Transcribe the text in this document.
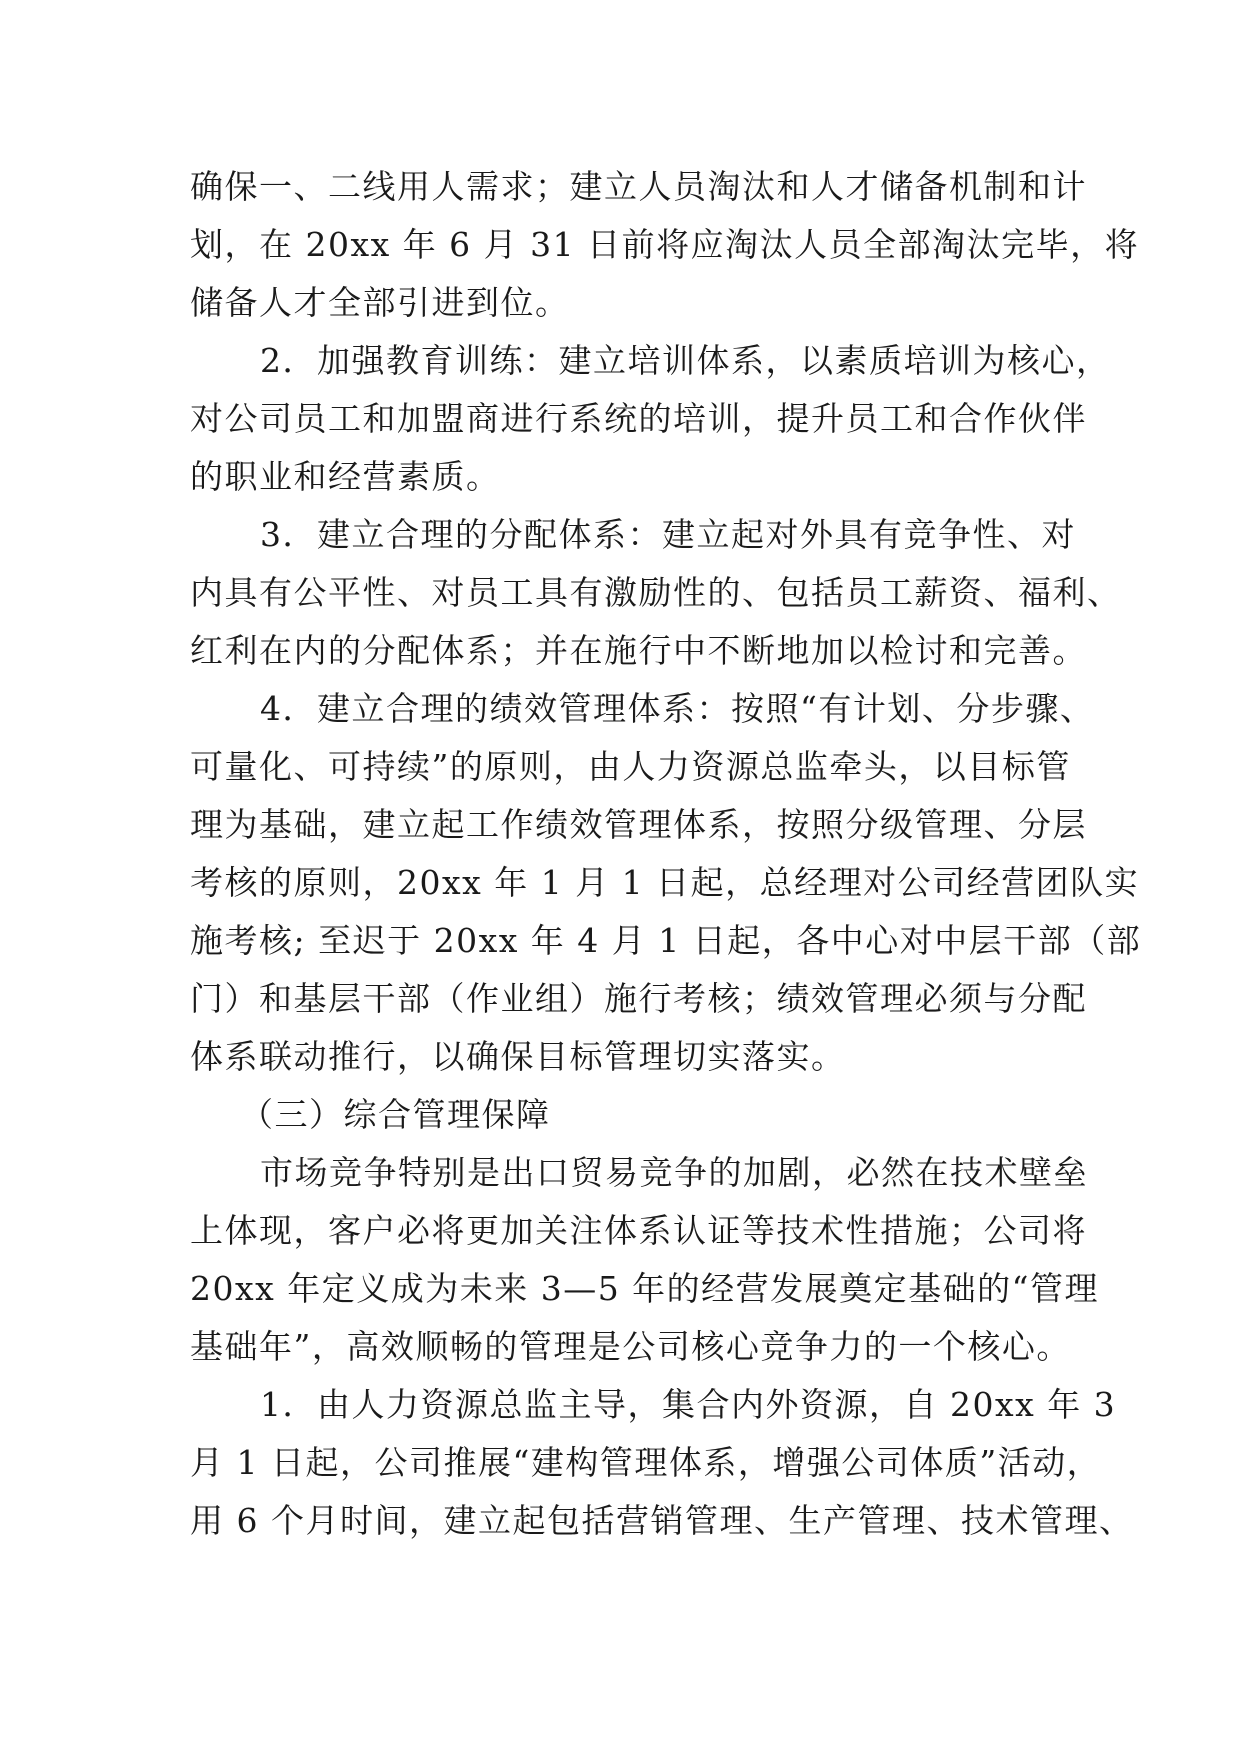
确保一、二线用人需求；建立人员淘汰和人才储备机制和计
划，在 20xx 年 6 月 31 日前将应淘汰人员全部淘汰完毕，将
储备人才全部引进到位。
2．加强教育训练：建立培训体系，以素质培训为核心，
对公司员工和加盟商进行系统的培训，提升员工和合作伙伴
的职业和经营素质。
3．建立合理的分配体系：建立起对外具有竞争性、对
内具有公平性、对员工具有激励性的、包括员工薪资、福利、
红利在内的分配体系；并在施行中不断地加以检讨和完善。
4．建立合理的绩效管理体系：按照“有计划、分步骤、
可量化、可持续”的原则，由人力资源总监牵头，以目标管
理为基础，建立起工作绩效管理体系，按照分级管理、分层
考核的原则，20xx 年 1 月 1 日起，总经理对公司经营团队实
施考核; 至迟于 20xx 年 4 月 1 日起，各中心对中层干部（部
门）和基层干部（作业组）施行考核；绩效管理必须与分配
体系联动推行，以确保目标管理切实落实。
（三）综合管理保障
市场竞争特别是出口贸易竞争的加剧，必然在技术壁垒
上体现，客户必将更加关注体系认证等技术性措施；公司将
20xx 年定义成为未来 3—5 年的经营发展奠定基础的“管理
基础年”，高效顺畅的管理是公司核心竞争力的一个核心。
1．由人力资源总监主导，集合内外资源，自 20xx 年 3
月 1 日起，公司推展“建构管理体系，增强公司体质”活动，
用 6 个月时间，建立起包括营销管理、生产管理、技术管理、
